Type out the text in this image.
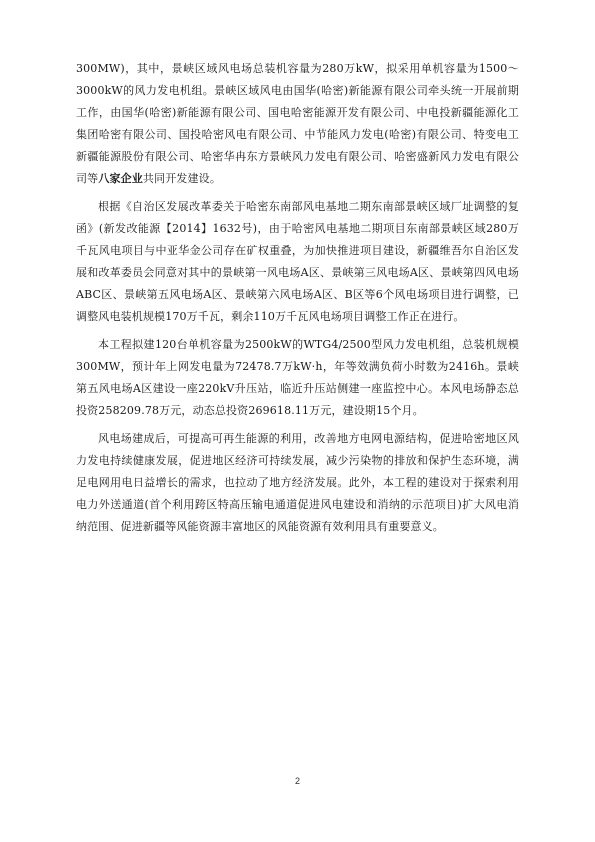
300MW)，其中，景峡区域风电场总装机容量为280万kW，拟采用单机容量为1500～3000kW的风力发电机组。景峡区域风电由国华(哈密)新能源有限公司牵头统一开展前期工作，由国华(哈密)新能源有限公司、国电哈密能源开发有限公司、中电投新疆能源化工集团哈密有限公司、国投哈密风电有限公司、中节能风力发电(哈密)有限公司、特变电工新疆能源股份有限公司、哈密华冉东方景峡风力发电有限公司、哈密盛新风力发电有限公司等八家企业共同开发建设。

根据《自治区发展改革委关于哈密东南部风电基地二期东南部景峡区域厂址调整的复函》(新发改能源【2014】1632号)，由于哈密风电基地二期项目东南部景峡区域280万千瓦风电项目与中亚华金公司存在矿权重叠，为加快推进项目建设，新疆维吾尔自治区发展和改革委员会同意对其中的景峡第一风电场A区、景峡第三风电场A区、景峡第四风电场ABC区、景峡第五风电场A区、景峡第六风电场A区、B区等6个风电场项目进行调整，已调整风电装机规模170万千瓦，剩余110万千瓦风电场项目调整工作正在进行。

本工程拟建120台单机容量为2500kW的WTG4/2500型风力发电机组，总装机规模300MW，预计年上网发电量为72478.7万kW·h，年等效满负荷小时数为2416h。景峡第五风电场A区建设一座220kV升压站，临近升压站侧建一座监控中心。本风电场静态总投资258209.78万元，动态总投资269618.11万元，建设期15个月。

风电场建成后，可提高可再生能源的利用，改善地方电网电源结构，促进哈密地区风力发电持续健康发展，促进地区经济可持续发展，减少污染物的排放和保护生态环境，满足电网用电日益增长的需求，也拉动了地方经济发展。此外，本工程的建设对于探索利用电力外送通道(首个利用跨区特高压输电通道促进风电建设和消纳的示范项目)扩大风电消纳范围、促进新疆等风能资源丰富地区的风能资源有效利用具有重要意义。

2
